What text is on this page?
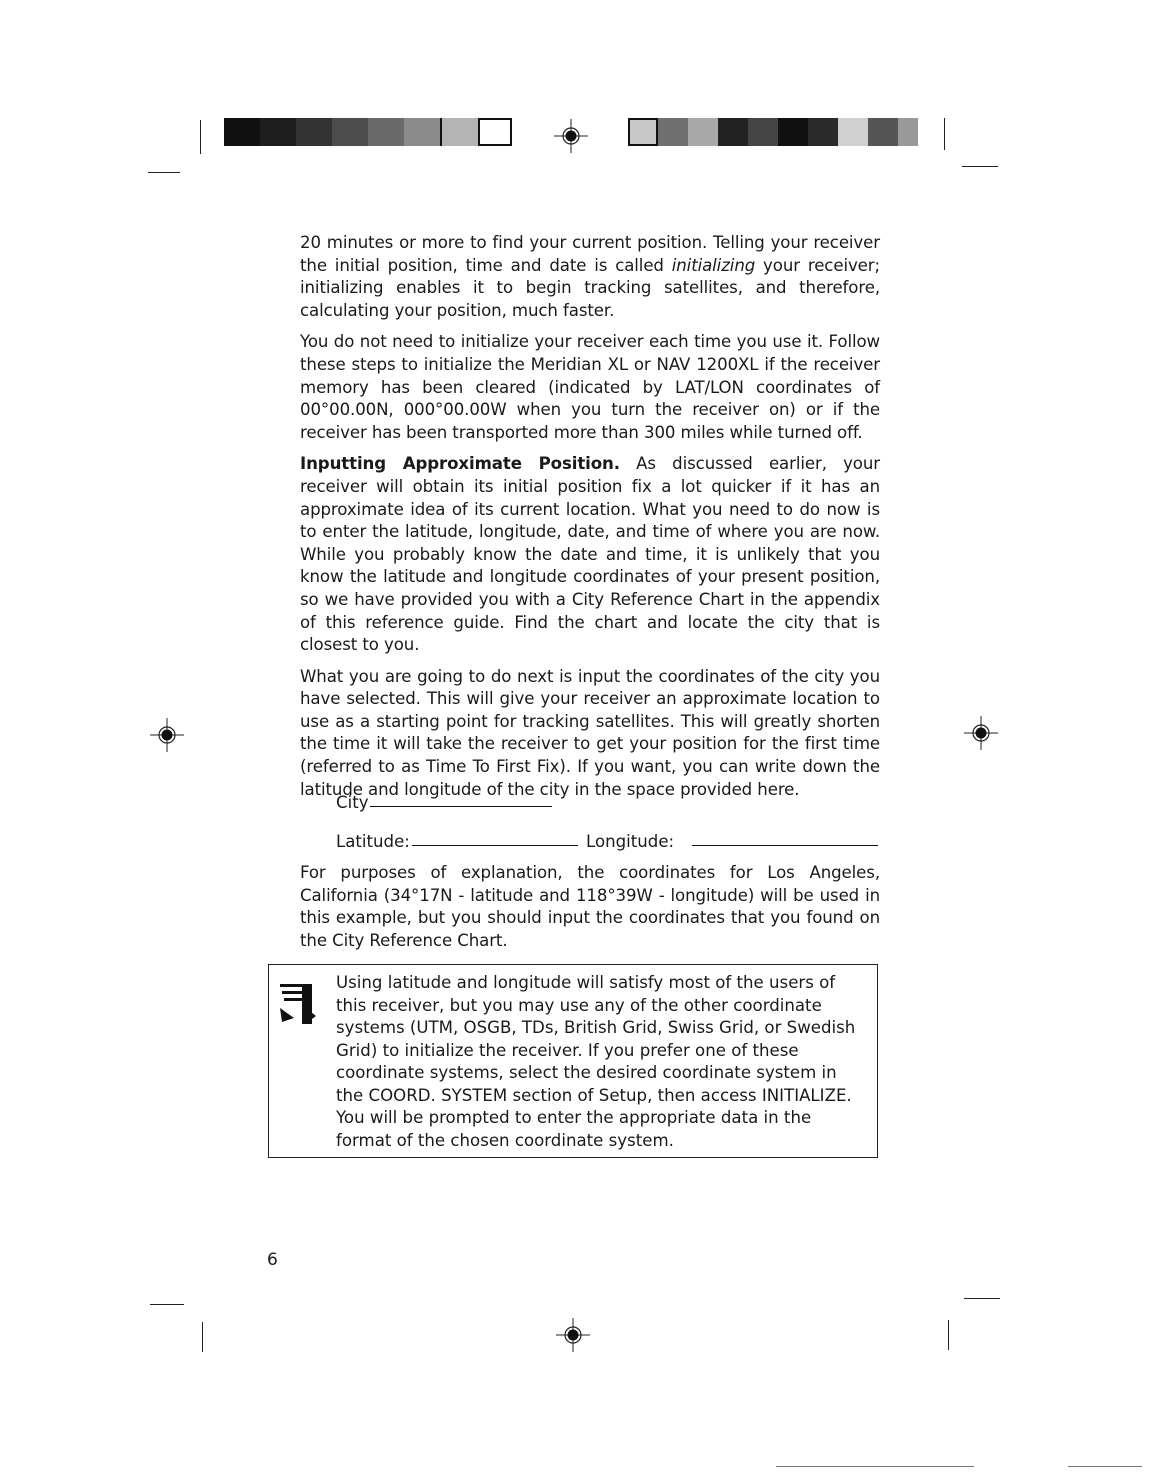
20 minutes or more to find your current position. Telling your receiver the initial position, time and date is called initializing your receiver; initializing enables it to begin tracking satellites, and therefore, calculating your position, much faster.

You do not need to initialize your receiver each time you use it. Follow these steps to initialize the Meridian XL or NAV 1200XL if the receiver memory has been cleared (indicated by LAT/LON coordinates of 00°00.00N, 000°00.00W when you turn the receiver on) or if the receiver has been transported more than 300 miles while turned off.

Inputting Approximate Position. As discussed earlier, your receiver will obtain its initial position fix a lot quicker if it has an approximate idea of its current location. What you need to do now is to enter the latitude, longitude, date, and time of where you are now. While you probably know the date and time, it is unlikely that you know the latitude and longitude coordinates of your present position, so we have provided you with a City Reference Chart in the appendix of this reference guide. Find the chart and locate the city that is closest to you.

What you are going to do next is input the coordinates of the city you have selected. This will give your receiver an approximate location to use as a starting point for tracking satellites. This will greatly shorten the time it will take the receiver to get your position for the first time (referred to as Time To First Fix). If you want, you can write down the latitude and longitude of the city in the space provided here.

City
Latitude:	Longitude:

For purposes of explanation, the coordinates for Los Angeles, California (34°17N - latitude and 118°39W - longitude) will be used in this example, but you should input the coordinates that you found on the City Reference Chart.

Using latitude and longitude will satisfy most of the users of this receiver, but you may use any of the other coordinate systems (UTM, OSGB, TDs, British Grid, Swiss Grid, or Swedish Grid) to initialize the receiver. If you prefer one of these coordinate systems, select the desired coordinate system in the COORD. SYSTEM section of Setup, then access INITIALIZE. You will be prompted to enter the appropriate data in the format of the chosen coordinate system.
6
